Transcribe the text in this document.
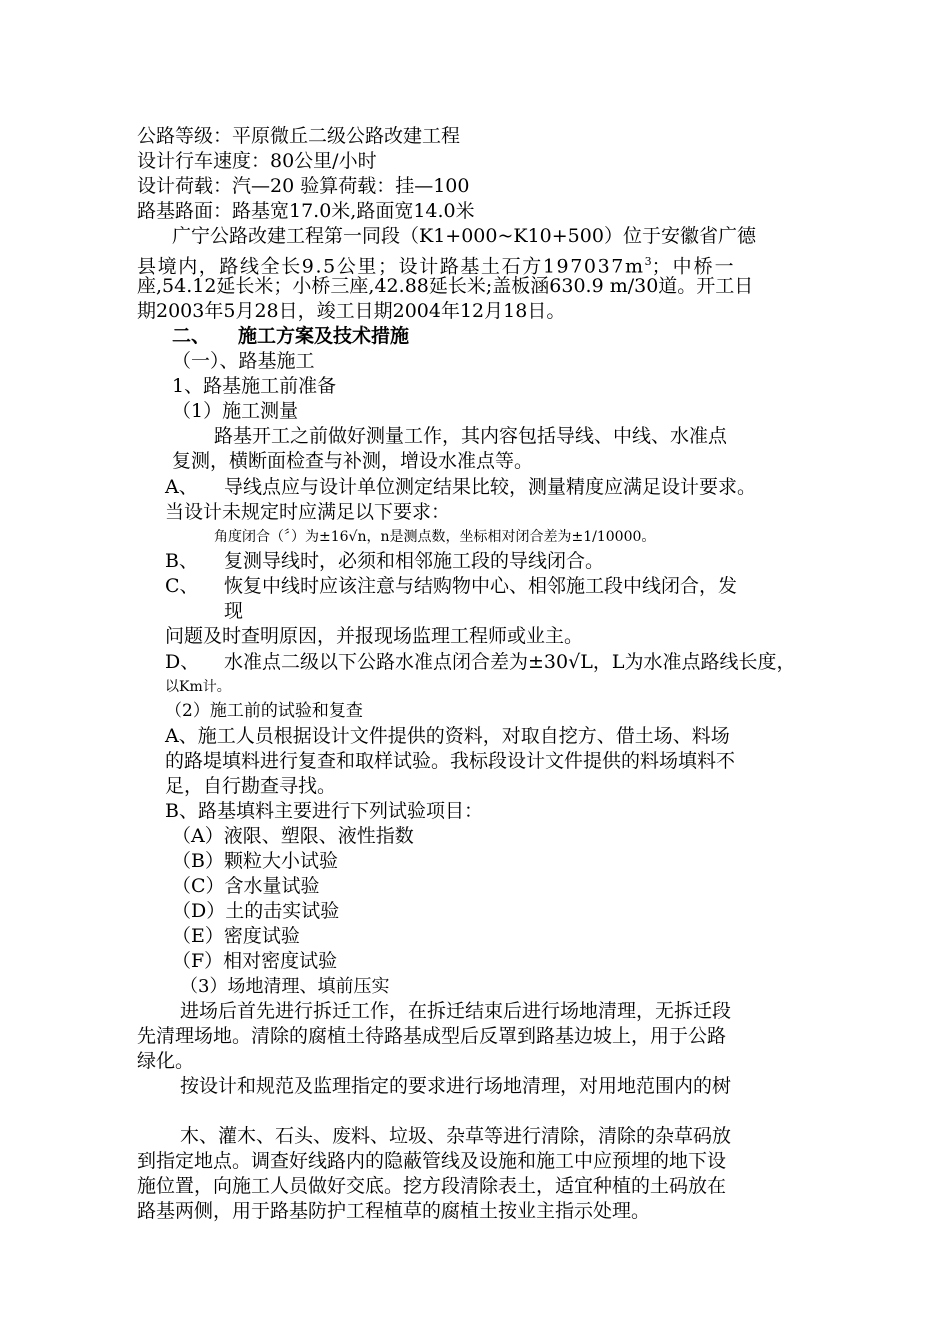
公路等级：平原微丘二级公路改建工程
设计行车速度：80公里/小时
设计荷载：汽—20 验算荷载：挂—100
路基路面：路基宽17.0米,路面宽14.0米
广宁公路改建工程第一同段（K1+000~K10+500）位于安徽省广德
县境内，路线全长9.5公里；设计路基土石方$197037m^3$；中桥一
座,54.12延长米；小桥三座,42.88延长米;盖板涵630.9 m/30道。开工日
期2003年5月28日，竣工日期2004年12月18日。
二、 施工方案及技术措施
（一）、路基施工
1、路基施工前准备
（1）施工测量
路基开工之前做好测量工作，其内容包括导线、中线、水准点
复测，横断面检查与补测，增设水准点等。
A、 导线点应与设计单位测定结果比较，测量精度应满足设计要求。
当设计未规定时应满足以下要求：
角度闭合（〞）为±16√n，n是测点数，坐标相对闭合差为±1/10000。
B、 复测导线时，必须和相邻施工段的导线闭合。
C、 恢复中线时应该注意与结购物中心、相邻施工段中线闭合，发
现
问题及时查明原因，并报现场监理工程师或业主。
D、 水准点二级以下公路水准点闭合差为±30√L，L为水准点路线长度，
以Km计。
（2）施工前的试验和复查
A、施工人员根据设计文件提供的资料，对取自挖方、借土场、料场
的路堤填料进行复查和取样试验。我标段设计文件提供的料场填料不
足，自行勘查寻找。
B、路基填料主要进行下列试验项目：
（A）液限、塑限、液性指数
（B）颗粒大小试验
（C）含水量试验
（D）土的击实试验
（E）密度试验
（F）相对密度试验
（3）场地清理、填前压实
进场后首先进行拆迁工作，在拆迁结束后进行场地清理，无拆迁段
先清理场地。清除的腐植土待路基成型后反罩到路基边坡上，用于公路
绿化。
按设计和规范及监理指定的要求进行场地清理，对用地范围内的树
木、灌木、石头、废料、垃圾、杂草等进行清除，清除的杂草码放
到指定地点。调查好线路内的隐蔽管线及设施和施工中应预埋的地下设
施位置，向施工人员做好交底。挖方段清除表土，适宜种植的土码放在
路基两侧，用于路基防护工程植草的腐植土按业主指示处理。
